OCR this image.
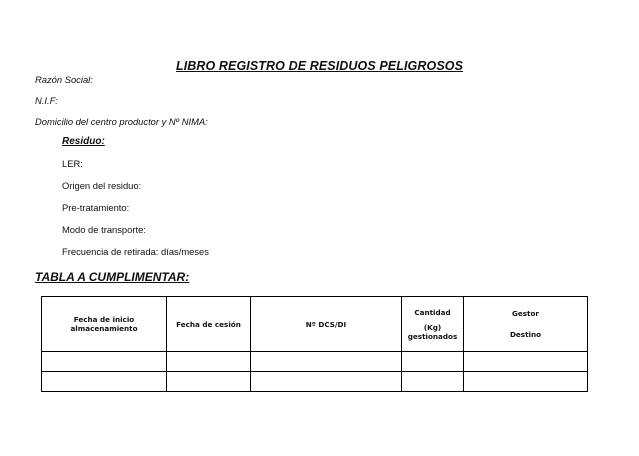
LIBRO REGISTRO DE RESIDUOS PELIGROSOS
Razón Social:
N.I.F:
Domicilio del centro productor y Nº NIMA:
Residuo:
LER:
Origen del residuo:
Pre-tratamiento:
Modo de transporte:
Frecuencia de retirada: días/meses
TABLA A CUMPLIMENTAR:
Fecha de inicio almacenamiento	Fecha de cesión	Nº DCS/DI	Cantidad
(Kg)
gestionados	Gestor
Destino
